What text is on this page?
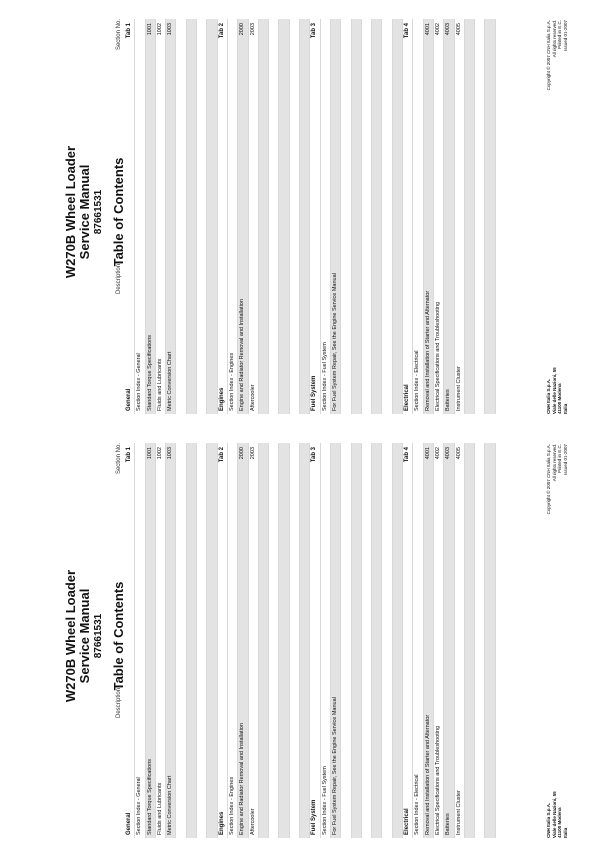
W270B Wheel Loader Service Manual 87661531 Table of Contents
Description
Section No.
General
Tab 1
Section Index - General Standard Torque Specifications
1001
Fluids and Lubricants
1002
Metric Conversion Chart
1003
Engines
Tab 2
Section Index - Engines Engine and Radiator Removal and Installation
2000
Aftercooler
2003
Fuel System
Tab 3
Section Index - Fuel System For Fuel System Repair, See the Engine Service Manual	Electrical
Tab 4
Section Index - Electrical Removal and Installation of Starter and Alternator
4001
Electrical Specifications and Troubleshooting
4002
Batteries
4003
Instrument Cluster
4005
CNH Italia S.p.A. Viale delle Nazioni, 55 41100 Modena Italia
Copyright © 2007 CNH Italia S.p.A. All rights reserved. Printed in E.C. Issued 01-2007
W270B Wheel Loader Service Manual 87661531 Table of Contents
Description
Section No.
General
Tab 1
Section Index - General Standard Torque Specifications
1001
Fluids and Lubricants
1002
Metric Conversion Chart
1003
Engines
Tab 2
Section Index - Engines Engine and Radiator Removal and Installation
2000
Aftercooler
2003
Fuel System
Tab 3
Section Index - Fuel System For Fuel System Repair, See the Engine Service Manual	Electrical
Tab 4
Section Index - Electrical Removal and Installation of Starter and Alternator
4001
Electrical Specifications and Troubleshooting
4002
Batteries
4003
Instrument Cluster
4005
CNH Italia S.p.A. Viale delle Nazioni, 55 41100 Modena Italia
Copyright © 2007 CNH Italia S.p.A. All rights reserved. Printed in E.C. Issued 01-2007
